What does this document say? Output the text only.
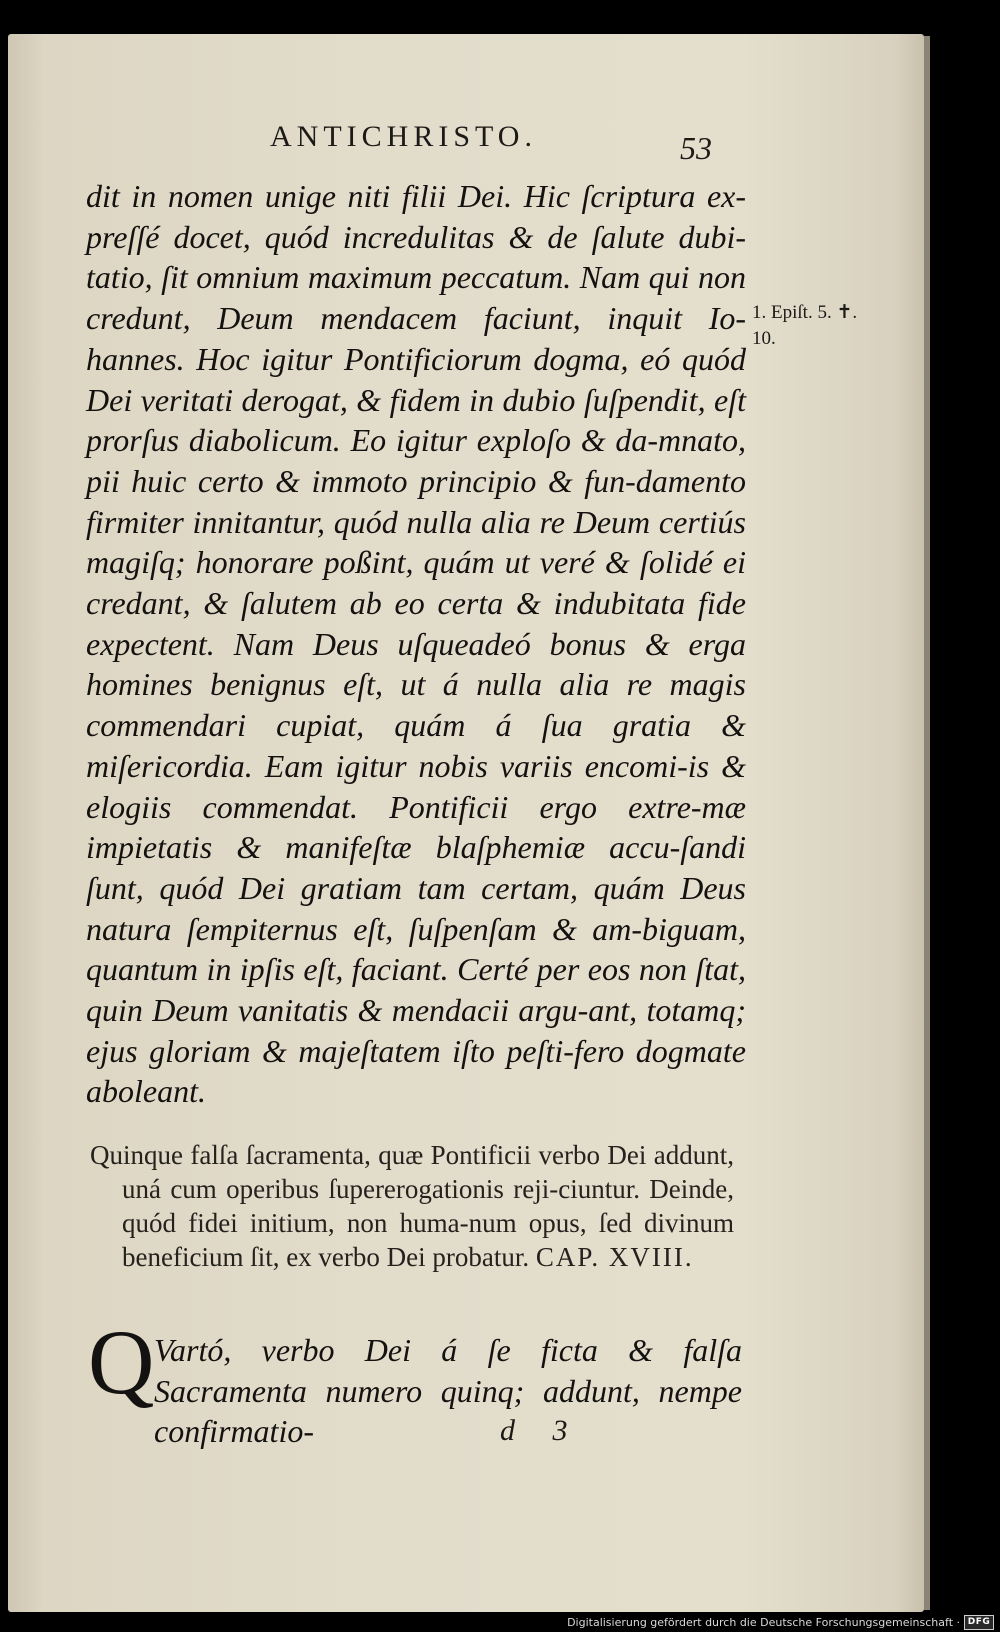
ANTICHRISTO.	53

dit in nomen unige niti filii Dei. Hic ſcriptura ex-preſſé docet, quód incredulitas & de ſalute dubi-tatio, ſit omnium maximum peccatum. Nam qui non credunt, Deum mendacem faciunt, inquit Io-hannes. Hoc igitur Pontificiorum dogma, eó quód Dei veritati derogat, & fidem in dubio ſuſpendit, eſt prorſus diabolicum. Eo igitur exploſo & da-mnato, pii huic certo & immoto principio & fun-damento firmiter innitantur, quód nulla alia re Deum certiús magiſq; honorare poßint, quám ut veré & ſolidé ei credant, & ſalutem ab eo certa & indubitata fide expectent. Nam Deus uſqueadeó bonus & erga homines benignus eſt, ut á nulla alia re magis commendari cupiat, quám á ſua gratia & miſericordia. Eam igitur nobis variis encomi-is & elogiis commendat. Pontificii ergo extre-mæ impietatis & manifeſtæ blaſphemiæ accu-ſandi ſunt, quód Dei gratiam tam certam, quám Deus natura ſempiternus eſt, ſuſpenſam & am-biguam, quantum in ipſis eſt, faciant. Certé per eos non ſtat, quin Deum vanitatis & mendacii argu-ant, totamq; ejus gloriam & majeſtatem iſto peſti-fero dogmate aboleant.

1. Epiſt. 5. ✝.
10.

Quinque falſa ſacramenta, quæ Pontificii verbo Dei addunt, uná cum operibus ſupererogationis reji-ciuntur. Deinde, quód fidei initium, non huma-num opus, ſed divinum beneficium ſit, ex verbo Dei probatur. CAP. XVIII.

Q Vartó, verbo Dei á ſe ficta & falſa Sacramenta numero quinq; addunt, nempe confirmatio-	d 3
Digitalisierung gefördert durch die Deutsche Forschungsgemeinschaft · DFG
